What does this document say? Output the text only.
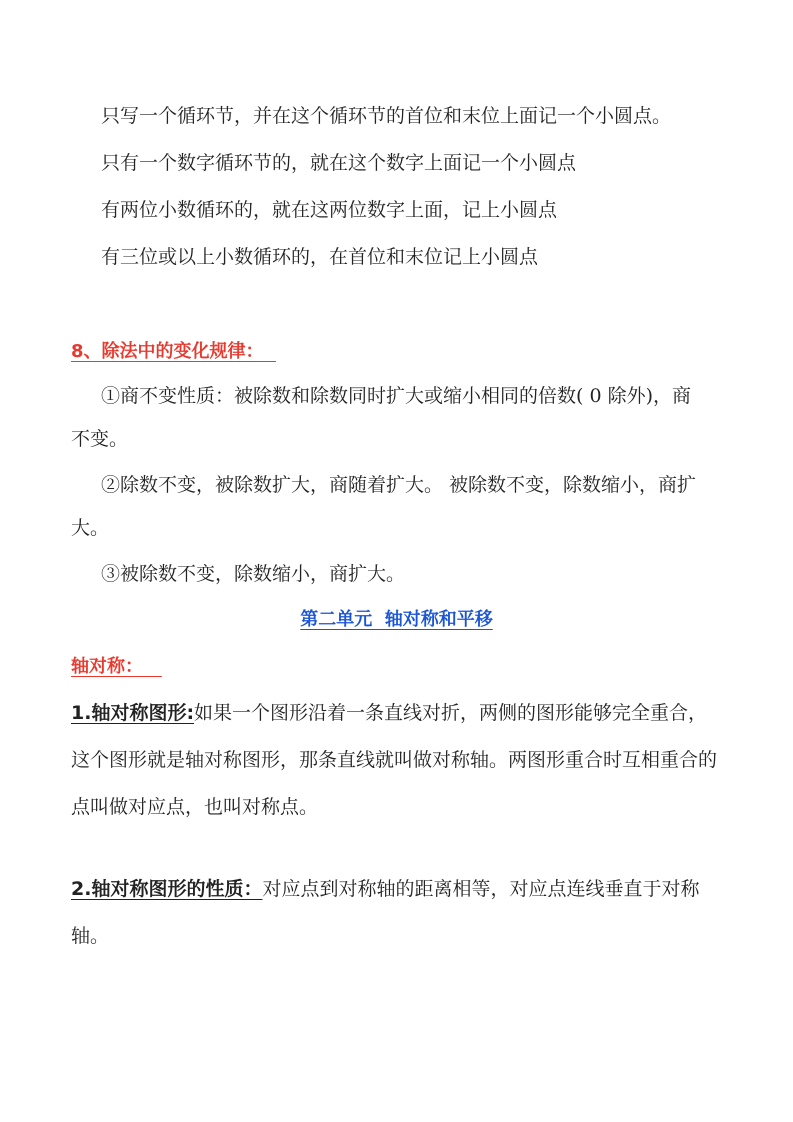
只写一个循环节，并在这个循环节的首位和末位上面记一个小圆点。
只有一个数字循环节的，就在这个数字上面记一个小圆点
有两位小数循环的，就在这两位数字上面，记上小圆点
有三位或以上小数循环的，在首位和末位记上小圆点
8、除法中的变化规律：
①商不变性质：被除数和除数同时扩大或缩小相同的倍数( 0 除外)，商
不变。
②除数不变，被除数扩大，商随着扩大。 被除数不变，除数缩小，商扩
大。
③被除数不变，除数缩小，商扩大。
第二单元  轴对称和平移
轴对称：
1.轴对称图形:如果一个图形沿着一条直线对折，两侧的图形能够完全重合，这个图形就是轴对称图形，那条直线就叫做对称轴。两图形重合时互相重合的点叫做对应点，也叫对称点。
2.轴对称图形的性质：对应点到对称轴的距离相等，对应点连线垂直于对称轴。
